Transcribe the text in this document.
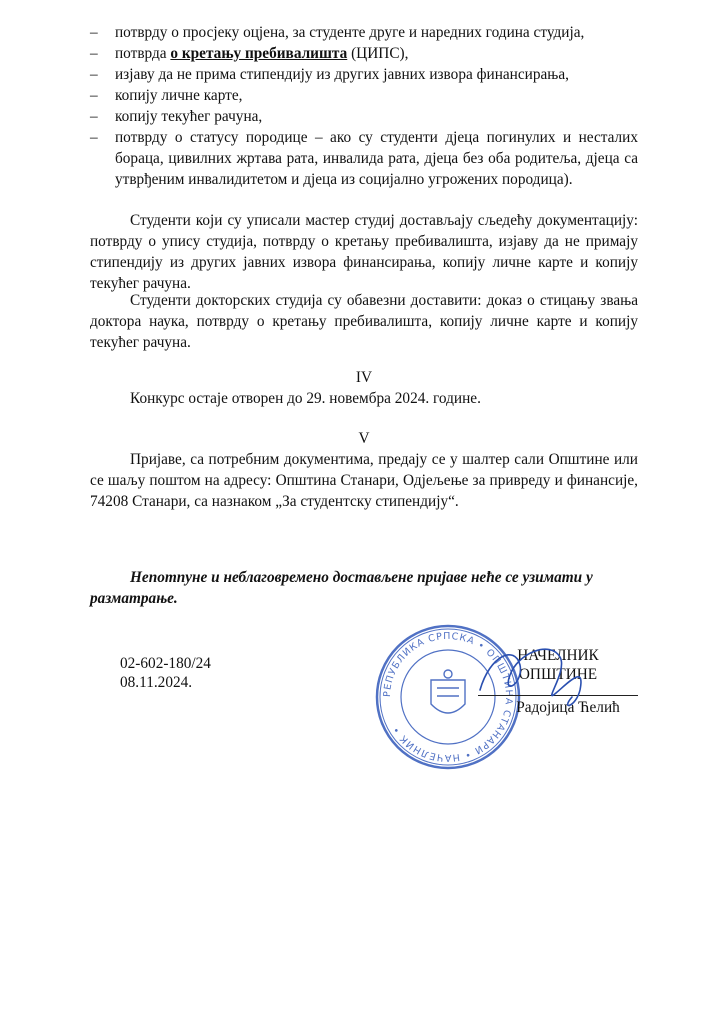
– потврду о просјеку оцјена, за студенте друге и наредних година студија,
– потврда о кретању пребивалишта (ЦИПС),
– изјаву да не прима стипендију из других јавних извора финансирања,
– копију личне карте,
– копију текућег рачуна,
– потврду о статусу породице – ако су студенти дјеца погинулих и несталих бораца, цивилних жртава рата, инвалида рата, дјеца без оба родитеља, дјеца са утврђеним инвалидитетом и дјеца из социјално угрожених породица).

Студенти који су уписали мастер студиј достављају сљедећу документацију: потврду о упису студија, потврду о кретању пребивалишта, изјаву да не примају стипендију из других јавних извора финансирања, копију личне карте и копију текућег рачуна.

Студенти докторских студија су обавезни доставити: доказ о стицању звања доктора наука, потврду о кретању пребивалишта, копију личне карте и копију текућег рачуна.

IV
Конкурс остаје отворен до 29. новембра 2024. године.
V

Пријаве, са потребним документима, предају се у шалтер сали Општине или се шаљу поштом на адресу: Општина Станари, Одјељење за привреду и финансије, 74208 Станари, са назнаком „За студентску стипендију“.

Непотпуне и неблаговремено достављене пријаве неће се узимати у разматрање.

02-602-180/24
08.11.2024.
РЕПУБЛИКА СРПСКА • ОПШТИНА СТАНАРИ • НАЧЕЛНИК •
НАЧЕЛНИК ОПШТИНЕ
Радојица Ћелић
